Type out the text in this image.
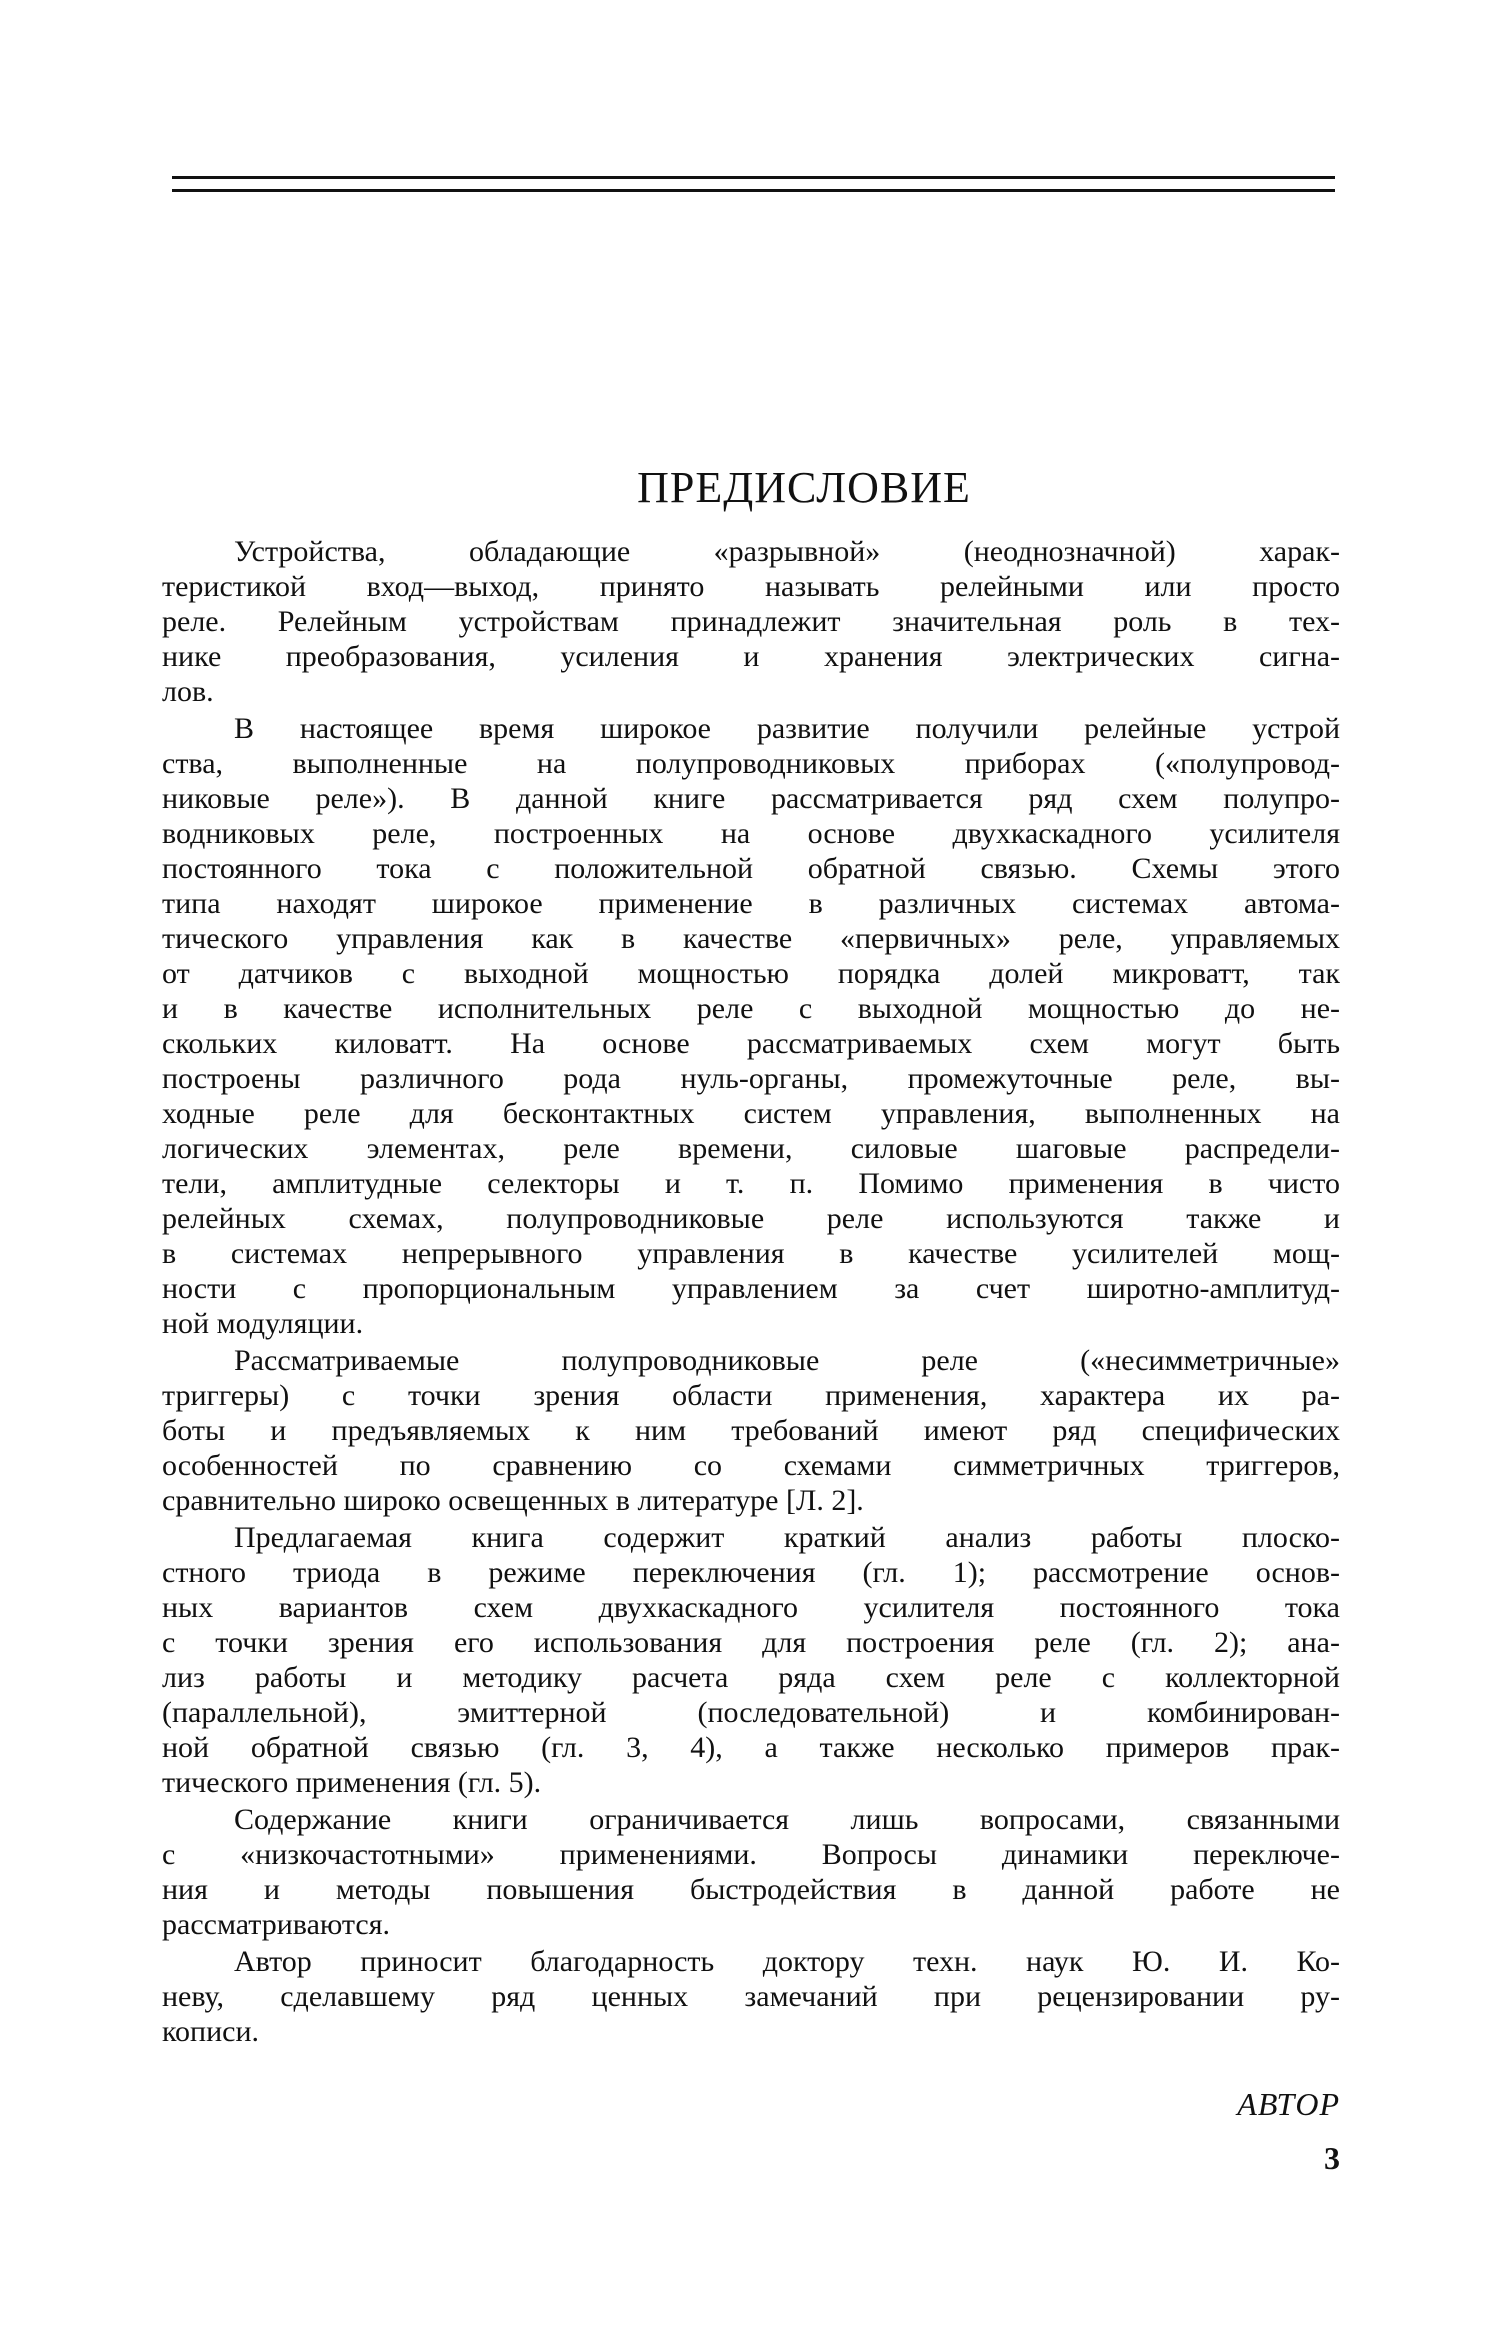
ПРЕДИСЛОВИЕ
Устройства, обладающие «разрывной» (неоднозначной) харак-
теристикой вход—выход, принято называть релейными или просто
реле. Релейным устройствам принадлежит значительная роль в тех-
нике преобразования, усиления и хранения электрических сигна-
лов.
В настоящее время широкое развитие получили релейные устрой
ства, выполненные на полупроводниковых приборах («полупровод-
никовые реле»). В данной книге рассматривается ряд схем полупро-
водниковых реле, построенных на основе двухкаскадного усилителя
постоянного тока с положительной обратной связью. Схемы этого
типа находят широкое применение в различных системах автома-
тического управления как в качестве «первичных» реле, управляемых
от датчиков с выходной мощностью порядка долей микроватт, так
и в качестве исполнительных реле с выходной мощностью до не-
скольких киловатт. На основе рассматриваемых схем могут быть
построены различного рода нуль-органы, промежуточные реле, вы-
ходные реле для бесконтактных систем управления, выполненных на
логических элементах, реле времени, силовые шаговые распредели-
тели, амплитудные селекторы и т. п. Помимо применения в чисто
релейных схемах, полупроводниковые реле используются также и
в системах непрерывного управления в качестве усилителей мощ-
ности с пропорциональным управлением за счет широтно-амплитуд-
ной модуляции.
Рассматриваемые полупроводниковые реле («несимметричные»
триггеры) с точки зрения области применения, характера их ра-
боты и предъявляемых к ним требований имеют ряд специфических
особенностей по сравнению со схемами симметричных триггеров,
сравнительно широко освещенных в литературе [Л. 2].
Предлагаемая книга содержит краткий анализ работы плоско-
стного триода в режиме переключения (гл. 1); рассмотрение основ-
ных вариантов схем двухкаскадного усилителя постоянного тока
с точки зрения его использования для построения реле (гл. 2); ана-
лиз работы и методику расчета ряда схем реле с коллекторной
(параллельной), эмиттерной (последовательной) и комбинирован-
ной обратной связью (гл. 3, 4), а также несколько примеров прак-
тического применения (гл. 5).
Содержание книги ограничивается лишь вопросами, связанными
с «низкочастотными» применениями. Вопросы динамики переключе-
ния и методы повышения быстродействия в данной работе не
рассматриваются.
Автор приносит благодарность доктору техн. наук Ю. И. Ко-
неву, сделавшему ряд ценных замечаний при рецензировании ру-
кописи.
АВТОР
3
